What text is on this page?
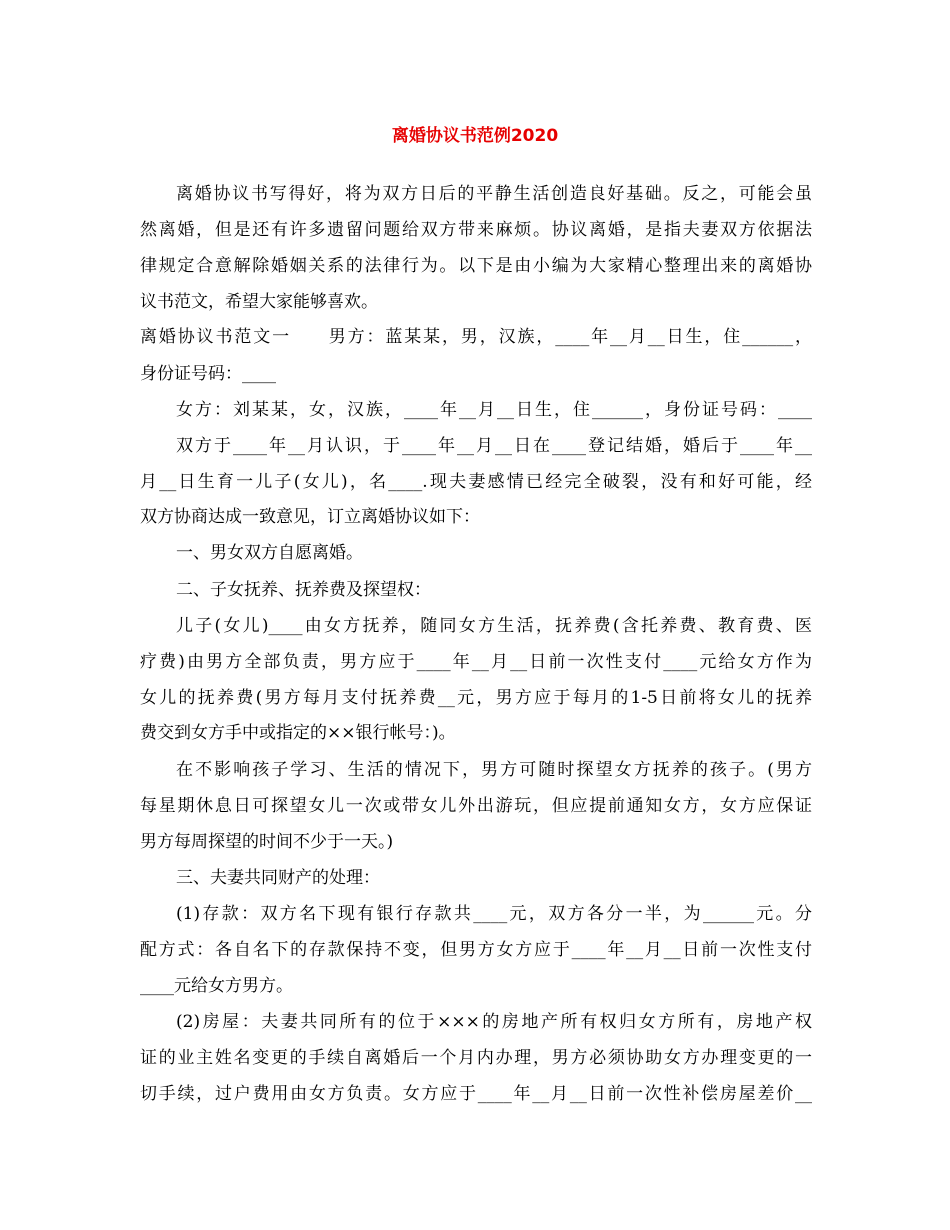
离婚协议书范例2020
离婚协议书写得好，将为双方日后的平静生活创造良好基础。反之，可能会虽
然离婚，但是还有许多遗留问题给双方带来麻烦。协议离婚，是指夫妻双方依据法
律规定合意解除婚姻关系的法律行为。以下是由小编为大家精心整理出来的离婚协
议书范文，希望大家能够喜欢。
离婚协议书范文一　　男方：蓝某某，男，汉族，____年__月__日生，住______，
身份证号码：____
女方：刘某某，女，汉族，____年__月__日生，住______，身份证号码：____
双方于____年__月认识，于____年__月__日在____登记结婚，婚后于____年__
月__日生育一儿子(女儿)，名____.现夫妻感情已经完全破裂，没有和好可能，经
双方协商达成一致意见，订立离婚协议如下：
一、男女双方自愿离婚。
二、子女抚养、抚养费及探望权：
儿子(女儿)____由女方抚养，随同女方生活，抚养费(含托养费、教育费、医
疗费)由男方全部负责，男方应于____年__月__日前一次性支付____元给女方作为
女儿的抚养费(男方每月支付抚养费__元，男方应于每月的1-5日前将女儿的抚养
费交到女方手中或指定的××银行帐号：)。
在不影响孩子学习、生活的情况下，男方可随时探望女方抚养的孩子。(男方
每星期休息日可探望女儿一次或带女儿外出游玩，但应提前通知女方，女方应保证
男方每周探望的时间不少于一天。)
三、夫妻共同财产的处理：
(1)存款：双方名下现有银行存款共____元，双方各分一半，为______元。分
配方式：各自名下的存款保持不变，但男方女方应于____年__月__日前一次性支付
____元给女方男方。
(2)房屋：夫妻共同所有的位于×××的房地产所有权归女方所有，房地产权
证的业主姓名变更的手续自离婚后一个月内办理，男方必须协助女方办理变更的一
切手续，过户费用由女方负责。女方应于____年__月__日前一次性补偿房屋差价__
